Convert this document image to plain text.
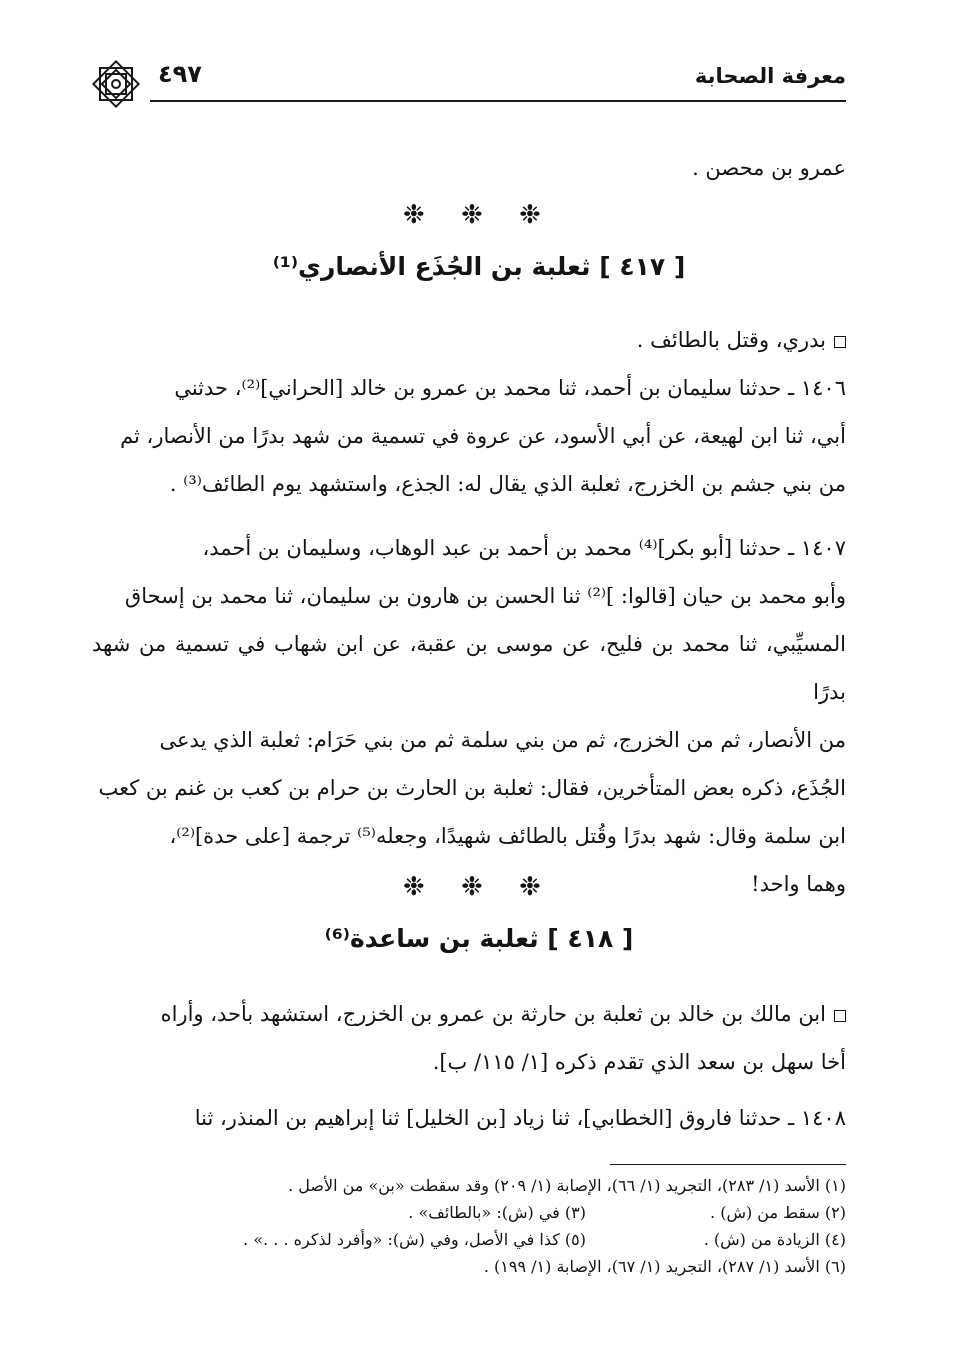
معرفة الصحابة
٤٩٧
عمرو بن محصن .
❉ ❉ ❉
[ ٤١٧ ] ثعلبة بن الجُذَع الأنصاري⁽¹⁾
بدري، وقتل بالطائف .
١٤٠٦ ـ حدثنا سليمان بن أحمد، ثنا محمد بن عمرو بن خالد [الحراني]⁽²⁾، حدثني
أبي، ثنا ابن لهيعة، عن أبي الأسود، عن عروة في تسمية من شهد بدرًا من الأنصار، ثم
من بني جشم بن الخزرج، ثعلبة الذي يقال له: الجذع، واستشهد يوم الطائف⁽³⁾ .
١٤٠٧ ـ حدثنا [أبو بكر]⁽⁴⁾ محمد بن أحمد بن عبد الوهاب، وسليمان بن أحمد،
وأبو محمد بن حيان [قالوا: ]⁽²⁾ ثنا الحسن بن هارون بن سليمان، ثنا محمد بن إسحاق
المسيِّبي، ثنا محمد بن فليح، عن موسى بن عقبة، عن ابن شهاب في تسمية من شهد بدرًا
من الأنصار، ثم من الخزرج، ثم من بني سلمة ثم من بني حَرَام: ثعلبة الذي يدعى
الجُذَع، ذكره بعض المتأخرين، فقال: ثعلبة بن الحارث بن حرام بن كعب بن غنم بن كعب
ابن سلمة وقال: شهد بدرًا وقُتل بالطائف شهيدًا، وجعله⁽⁵⁾ ترجمة [على حدة]⁽²⁾،
وهما واحد!
❉ ❉ ❉
[ ٤١٨ ] ثعلبة بن ساعدة⁽⁶⁾
ابن مالك بن خالد بن ثعلبة بن حارثة بن عمرو بن الخزرج، استشهد بأحد، وأراه
أخا سهل بن سعد الذي تقدم ذكره [١/ ١١٥/ ب].
١٤٠٨ ـ حدثنا فاروق [الخطابي]، ثنا زياد [بن الخليل] ثنا إبراهيم بن المنذر، ثنا
(١) الأسد (١/ ٢٨٣)، التجريد (١/ ٦٦)، الإصابة (١/ ٢٠٩) وقد سقطت «بن» من الأصل .
(٢) سقط من (ش) .
(٣) في (ش): «بالطائف» .
(٤) الزيادة من (ش) .
(٥) كذا في الأصل، وفي (ش): «وأفرد لذكره . . .» .
(٦) الأسد (١/ ٢٨٧)، التجريد (١/ ٦٧)، الإصابة (١/ ١٩٩) .
